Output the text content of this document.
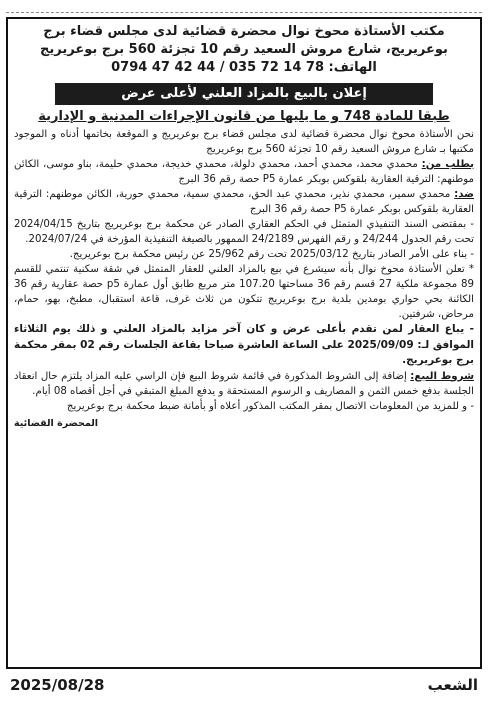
مكتب الأستاذة محوخ نوال محضرة قضائية لدى مجلس قضاء برج
بوعريريج، شارع مروش السعيد رقم 10 تجزئة 560 برج بوعريريج
الهاتف: 78 14 72 035 / 44 42 47 0794
إعلان بالبيع بالمزاد العلني لأعلى عرض
طبقا للمادة 748 و ما يليها من قانون الإجراءات المدنية و الإدارية

نحن الأستاذة محوخ نوال محضرة قضائية لدى مجلس قضاء برج بوعريريج و الموقعة بخاتمها أدناه و الموجود مكتبها بـ شارع مروش السعيد رقم 10 تجزئة 560 برج بوعريريج

بطلب من: محمدي محمد، محمدي أحمد، محمدي دلولة، محمدي خديجة، محمدي حليمة، بناو موسى، الكائن موطنهم: الترقية العقارية بلقوكس بوبكر عمارة P5 حصة رقم 36 البرج

ضد: محمدي سمير، محمدي نذير، محمدي عبد الحق، محمدي سمية، محمدي حورية، الكائن موطنهم: الترقية العقارية بلقوكس بوبكر عمارة P5 حصة رقم 36 البرج

- بمقتضى السند التنفيذي المتمثل في الحكم العقاري الصادر عن محكمة برج بوعريريج بتاريخ 2024/04/15 تحت رقم الجدول 24/244 و رقم الفهرس 24/2189 الممهور بالصيغة التنفيذية المؤرخة في 2024/07/24.

- بناء على الأمر الصادر بتاريخ 2025/03/12 تحت رقم 25/962 عن رئيس محكمة برج بوعريريج.

* تعلن الأستاذة محوخ نوال بأنه سيشرع في بيع بالمزاد العلني للعقار المتمثل في شقة سكنية تنتمي للقسم 89 مجموعة ملكية 27 قسم رقم 36 مساحتها 107.20 متر مربع طابق أول عمارة p5 حصة عقارية رقم 36 الكائنة بحي حواري بومدين بلدية برج بوعريريج تتكون من ثلاث غرف، قاعة استقبال، مطبخ، بهو، حمام، مرحاض، شرفتين.

- يباع العقار لمن تقدم بأعلى عرض و كان آخر مزايد بالمزاد العلني و ذلك يوم الثلاثاء الموافق لـ: 2025/09/09 على الساعة العاشرة صباحا بقاعة الجلسات رقم 02 بمقر محكمة برج بوعريريج.

شروط البيع: إضافة إلى الشروط المذكورة في قائمة شروط البيع فإن الراسي عليه المزاد يلتزم حال انعقاد الجلسة بدفع خمس الثمن و المصاريف و الرسوم المستحقة و يدفع المبلغ المتبقي في أجل أقصاه 08 أيام.

- و للمزيد من المعلومات الاتصال بمقر المكتب المذكور أعلاه أو بأمانة ضبط محكمة برج بوعريريج

المحضرة القضائية
الشعب
2025/08/28
